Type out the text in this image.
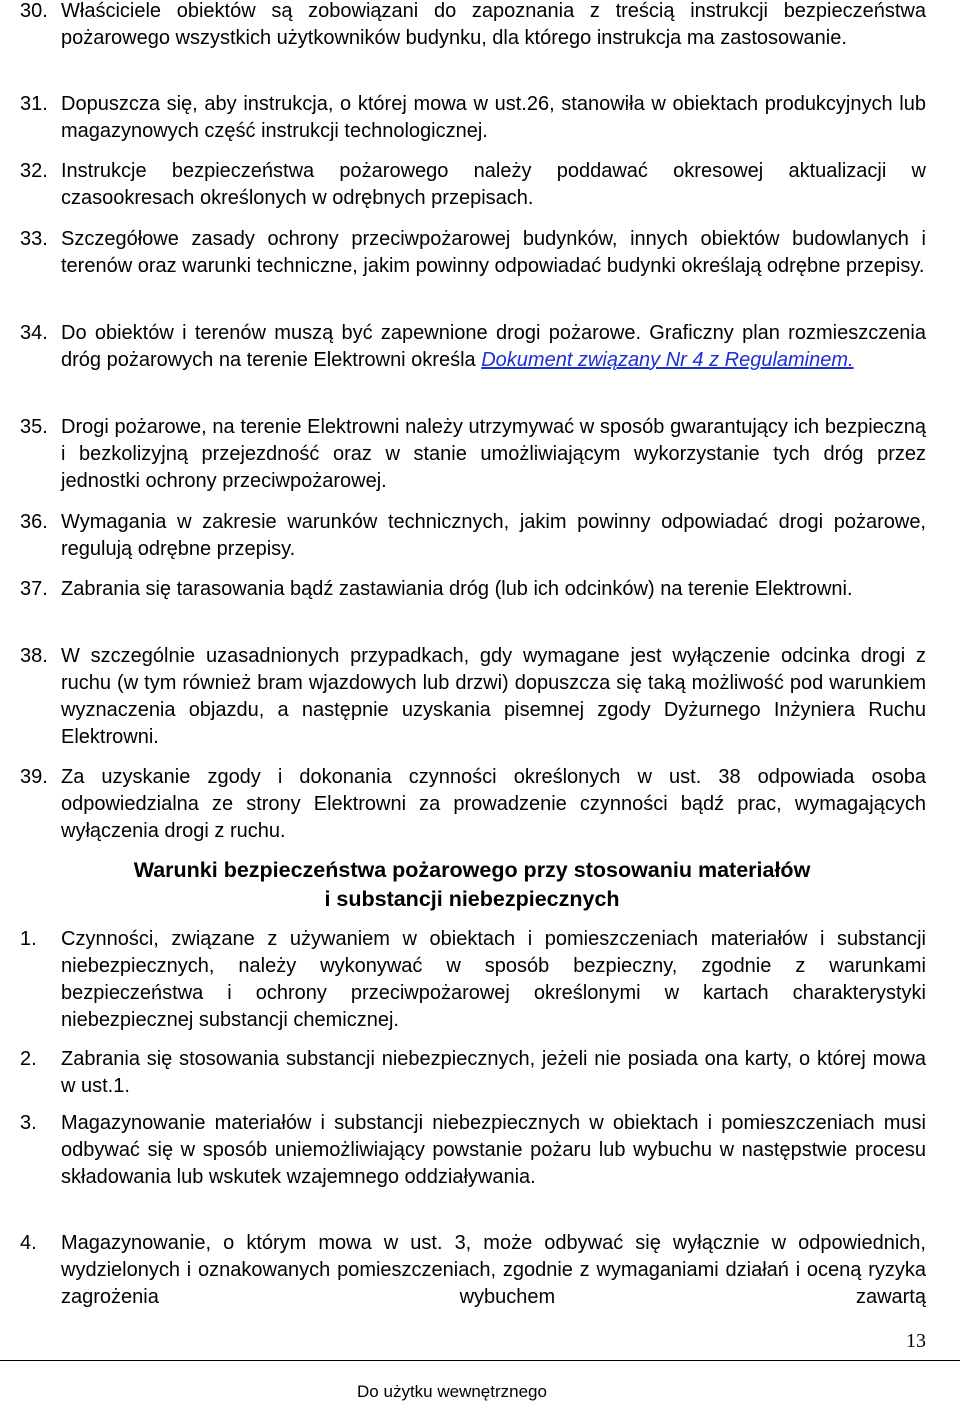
30. Właściciele obiektów są zobowiązani do zapoznania z treścią instrukcji bezpieczeństwa pożarowego wszystkich użytkowników budynku, dla którego instrukcja ma zastosowanie.
31. Dopuszcza się, aby instrukcja, o której mowa w ust.26, stanowiła w obiektach produkcyjnych lub magazynowych część instrukcji technologicznej.
32. Instrukcje bezpieczeństwa pożarowego należy poddawać okresowej aktualizacji w czasookresach określonych w odrębnych przepisach.
33. Szczegółowe zasady ochrony przeciwpożarowej budynków, innych obiektów budowlanych i terenów oraz warunki techniczne, jakim powinny odpowiadać budynki określają odrębne przepisy.
34. Do obiektów i terenów muszą być zapewnione drogi pożarowe. Graficzny plan rozmieszczenia dróg pożarowych na terenie Elektrowni określa Dokument związany Nr 4 z Regulaminem.
35. Drogi pożarowe, na terenie Elektrowni należy utrzymywać w sposób gwarantujący ich bezpieczną i bezkolizyjną przejezdność oraz w stanie umożliwiającym wykorzystanie tych dróg przez jednostki ochrony przeciwpożarowej.
36. Wymagania w zakresie warunków technicznych, jakim powinny odpowiadać drogi pożarowe, regulują odrębne przepisy.
37. Zabrania się tarasowania bądź zastawiania dróg (lub ich odcinków) na terenie Elektrowni.
38. W szczególnie uzasadnionych przypadkach, gdy wymagane jest wyłączenie odcinka drogi z ruchu (w tym również bram wjazdowych lub drzwi) dopuszcza się taką możliwość pod warunkiem wyznaczenia objazdu, a następnie uzyskania pisemnej zgody Dyżurnego Inżyniera Ruchu Elektrowni.
39. Za uzyskanie zgody i dokonania czynności określonych w ust. 38 odpowiada osoba odpowiedzialna ze strony Elektrowni za prowadzenie czynności bądź prac, wymagających wyłączenia drogi z ruchu.
Warunki bezpieczeństwa pożarowego przy stosowaniu materiałów
i substancji niebezpiecznych
1.	Czynności, związane z używaniem w obiektach i pomieszczeniach materiałów i substancji niebezpiecznych, należy wykonywać w sposób bezpieczny, zgodnie z warunkami bezpieczeństwa i ochrony przeciwpożarowej określonymi w kartach charakterystyki niebezpiecznej substancji chemicznej.
2.	Zabrania się stosowania substancji niebezpiecznych, jeżeli nie posiada ona karty, o której mowa w ust.1.
3.	Magazynowanie materiałów i substancji niebezpiecznych w obiektach i pomieszczeniach musi odbywać się w sposób uniemożliwiający powstanie pożaru lub wybuchu w następstwie procesu składowania lub wskutek wzajemnego oddziaływania.
4.	Magazynowanie, o którym mowa w ust. 3, może odbywać się wyłącznie w odpowiednich, wydzielonych i oznakowanych pomieszczeniach, zgodnie z wymaganiami działań i oceną ryzyka zagrożenia wybuchem zawartą
13
Do użytku wewnętrznego
